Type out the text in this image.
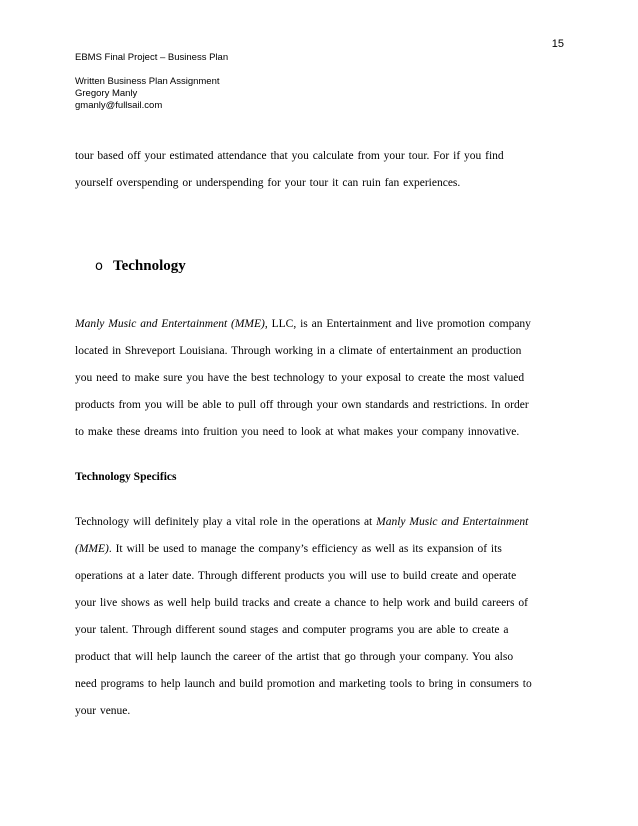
15
EBMS Final Project – Business Plan
Written Business Plan Assignment
Gregory Manly
gmanly@fullsail.com
tour based off your estimated attendance that you calculate from your tour. For if you find
yourself overspending or underspending for your tour it can ruin fan experiences.
o Technology
Manly Music and Entertainment (MME), LLC, is an Entertainment and live promotion company
located in Shreveport Louisiana. Through working in a climate of entertainment an production
you need to make sure you have the best technology to your exposal to create the most valued
products from you will be able to pull off through your own standards and restrictions. In order
to make these dreams into fruition you need to look at what makes your company innovative.
Technology Specifics
Technology will definitely play a vital role in the operations at Manly Music and Entertainment
(MME). It will be used to manage the company’s efficiency as well as its expansion of its
operations at a later date. Through different products you will use to build create and operate
your live shows as well help build tracks and create a chance to help work and build careers of
your talent. Through different sound stages and computer programs you are able to create a
product that will help launch the career of the artist that go through your company. You also
need programs to help launch and build promotion and marketing tools to bring in consumers to
your venue.
